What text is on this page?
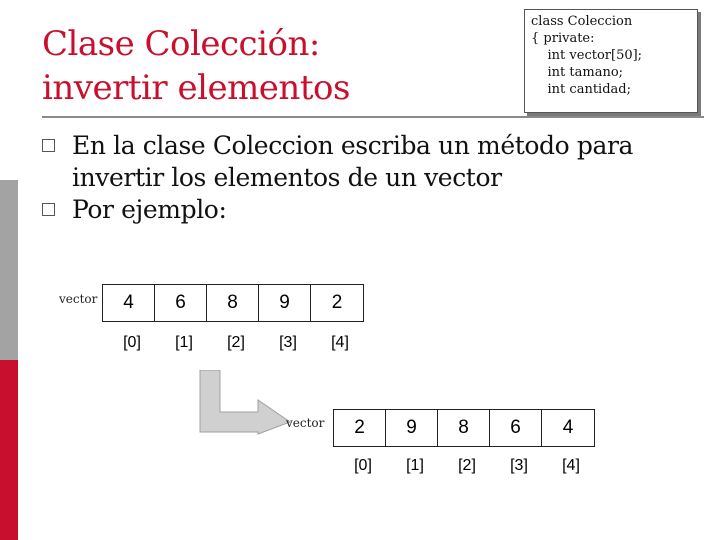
Clase Colección:
invertir elementos
class Coleccion
{ private:
int vector[50];
int tamano;
int cantidad;
En la clase Coleccion escriba un método para invertir los elementos de un vector
Por ejemplo:
vector	4	6	8	9	2
[0]	[1]	[2]	[3]	[4]
vector	2	9	8	6	4
[0]	[1]	[2]	[3]	[4]
